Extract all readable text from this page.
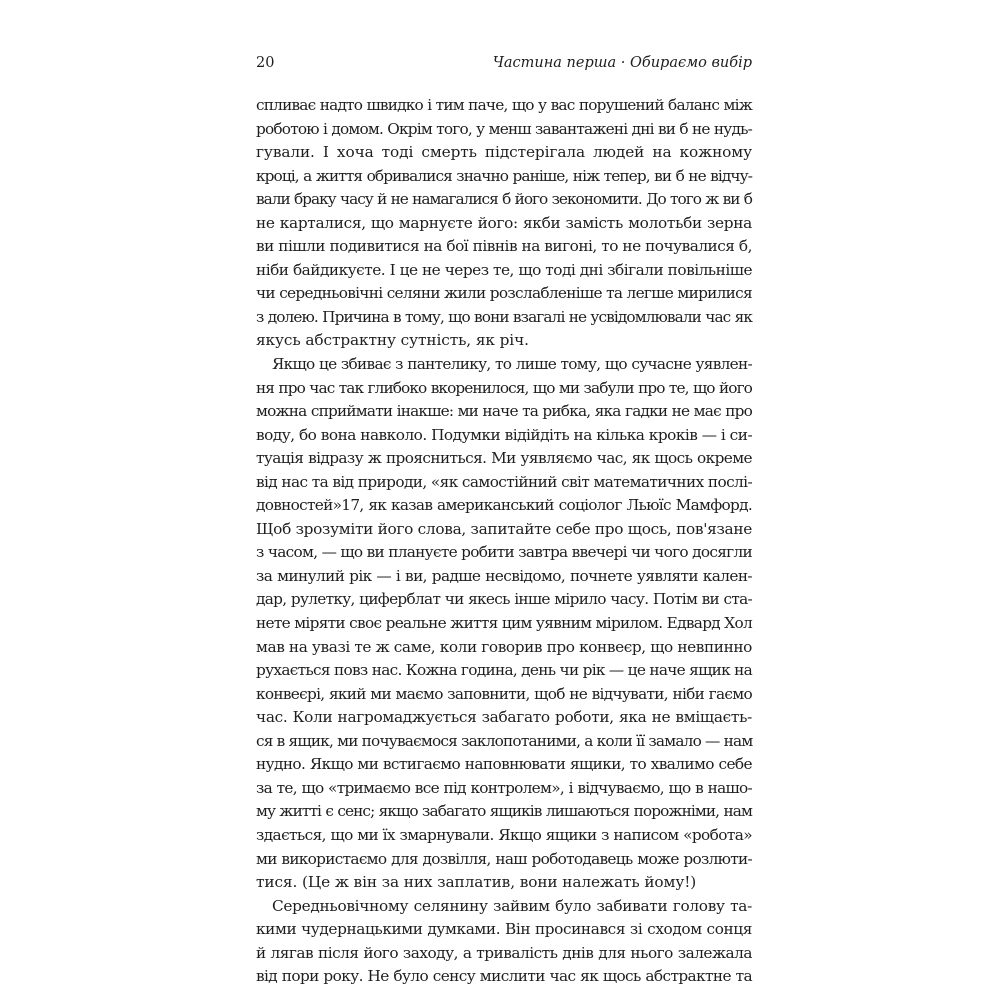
20	Частина перша · Обираємо вибір
спливає надто швидко і тим паче, що у вас порушений баланс між
роботою і домом. Окрім того, у менш завантажені дні ви б не нудь-
гували. І хоча тоді смерть підстерігала людей на кожному
кроці, а життя обривалися значно раніше, ніж тепер, ви б не відчу-
вали браку часу й не намагалися б його зекономити. До того ж ви б
не карталися, що марнуєте його: якби замість молотьби зерна
ви пішли подивитися на бої півнів на вигоні, то не почувалися б,
ніби байдикуєте. І це не через те, що тоді дні збігали повільніше
чи середньовічні селяни жили розслабленіше та легше мирилися
з долею. Причина в тому, що вони взагалі не усвідомлювали час як
якусь абстрактну сутність, як річ.
Якщо це збиває з пантелику, то лише тому, що сучасне уявлен-
ня про час так глибоко вкоренилося, що ми забули про те, що його
можна сприймати інакше: ми наче та рибка, яка гадки не має про
воду, бо вона навколо. Подумки відійдіть на кілька кроків — і си-
туація відразу ж проясниться. Ми уявляємо час, як щось окреме
від нас та від природи, «як самостійний світ математичних послі-
довностей»17, як казав американський соціолог Льюїс Мамфорд.
Щоб зрозуміти його слова, запитайте себе про щось, пов'язане
з часом, — що ви плануєте робити завтра ввечері чи чого досягли
за минулий рік — і ви, радше несвідомо, почнете уявляти кален-
дар, рулетку, циферблат чи якесь інше мірило часу. Потім ви ста-
нете міряти своє реальне життя цим уявним мірилом. Едвард Хол
мав на увазі те ж саме, коли говорив про конвеєр, що невпинно
рухається повз нас. Кожна година, день чи рік — це наче ящик на
конвеєрі, який ми маємо заповнити, щоб не відчувати, ніби гаємо
час. Коли нагромаджується забагато роботи, яка не вміщаєть-
ся в ящик, ми почуваємося заклопотаними, а коли її замало — нам
нудно. Якщо ми встигаємо наповнювати ящики, то хвалимо себе
за те, що «тримаємо все під контролем», і відчуваємо, що в нашо-
му житті є сенс; якщо забагато ящиків лишаються порожніми, нам
здається, що ми їх змарнували. Якщо ящики з написом «робота»
ми використаємо для дозвілля, наш роботодавець може розлюти-
тися. (Це ж він за них заплатив, вони належать йому!)
Середньовічному селянину зайвим було забивати голову та-
кими чудернацькими думками. Він просинався зі сходом сонця
й лягав після його заходу, а тривалість днів для нього залежала
від пори року. Не було сенсу мислити час як щось абстрактне та
